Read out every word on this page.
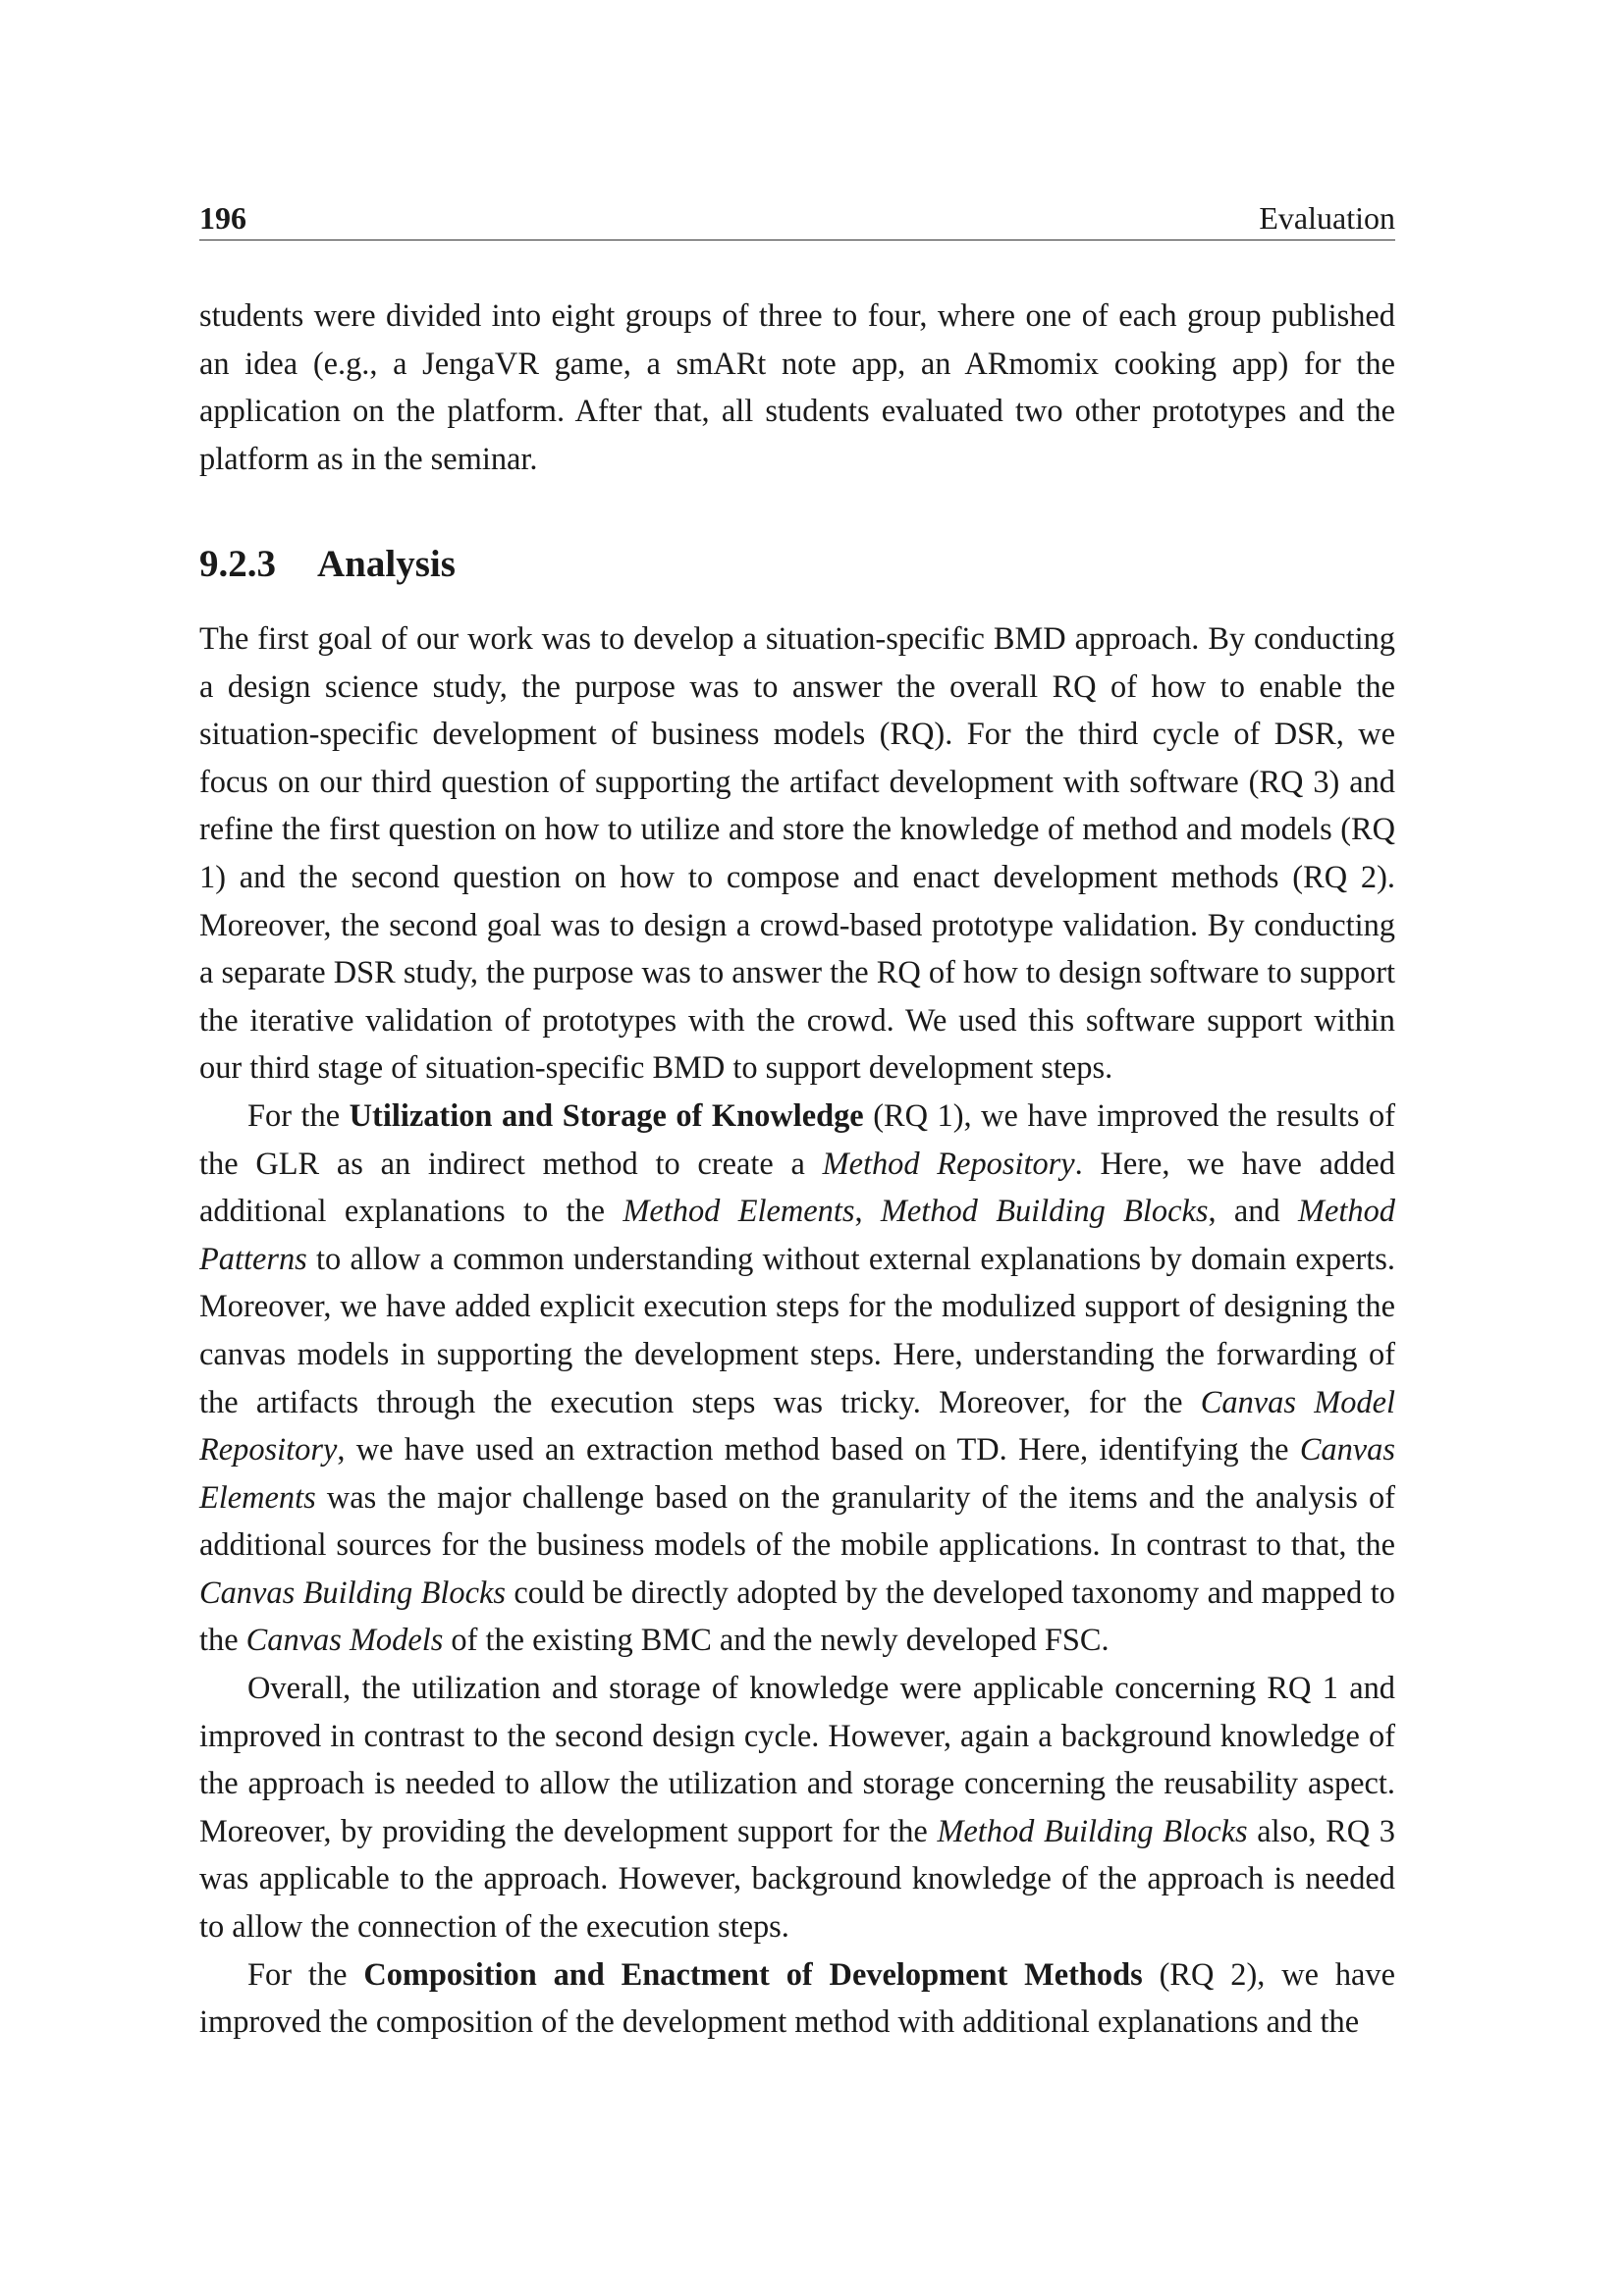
196	Evaluation

students were divided into eight groups of three to four, where one of each group published an idea (e.g., a JengaVR game, a smARt note app, an ARmomix cooking app) for the application on the platform. After that, all students evaluated two other prototypes and the platform as in the seminar.

9.2.3 Analysis

The first goal of our work was to develop a situation-specific BMD approach. By conducting a design science study, the purpose was to answer the overall RQ of how to enable the situation-specific development of business models (RQ). For the third cycle of DSR, we focus on our third question of supporting the artifact development with software (RQ 3) and refine the first question on how to utilize and store the knowledge of method and models (RQ 1) and the second question on how to compose and enact development methods (RQ 2). Moreover, the second goal was to design a crowd-based prototype validation. By conducting a separate DSR study, the purpose was to answer the RQ of how to design software to support the iterative validation of prototypes with the crowd. We used this software support within our third stage of situation-specific BMD to support development steps.

For the Utilization and Storage of Knowledge (RQ 1), we have improved the results of the GLR as an indirect method to create a Method Repository. Here, we have added additional explanations to the Method Elements, Method Building Blocks, and Method Patterns to allow a common understanding without external explanations by domain experts. Moreover, we have added explicit execution steps for the modulized support of designing the canvas models in supporting the development steps. Here, understanding the forwarding of the artifacts through the execution steps was tricky. Moreover, for the Canvas Model Repository, we have used an extraction method based on TD. Here, identifying the Canvas Elements was the major challenge based on the granularity of the items and the analysis of additional sources for the business models of the mobile applications. In contrast to that, the Canvas Building Blocks could be directly adopted by the developed taxonomy and mapped to the Canvas Models of the existing BMC and the newly developed FSC.

Overall, the utilization and storage of knowledge were applicable concerning RQ 1 and improved in contrast to the second design cycle. However, again a background knowledge of the approach is needed to allow the utilization and storage concerning the reusability aspect. Moreover, by providing the development support for the Method Building Blocks also, RQ 3 was applicable to the approach. However, background knowledge of the approach is needed to allow the connection of the execution steps.

For the Composition and Enactment of Development Methods (RQ 2), we have improved the composition of the development method with additional explanations and the
